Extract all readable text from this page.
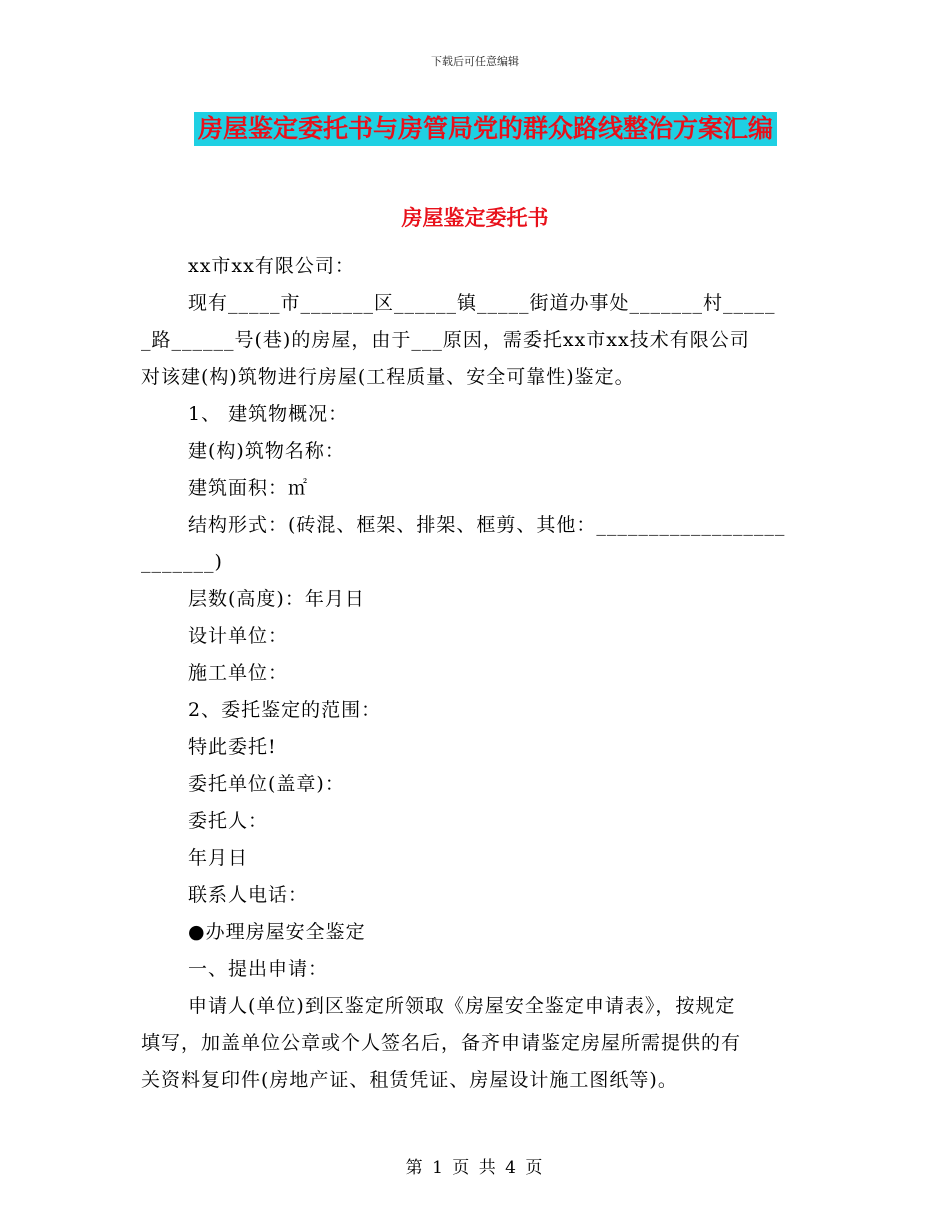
下载后可任意编辑
房屋鉴定委托书与房管局党的群众路线整治方案汇编
房屋鉴定委托书

xx市xx有限公司：

现有_____市_______区______镇_____街道办事处_______村_____

_路______号(巷)的房屋，由于___原因，需委托xx市xx技术有限公司

对该建(构)筑物进行房屋(工程质量、安全可靠性)鉴定。

1、 建筑物概况：

建(构)筑物名称：

建筑面积：㎡

结构形式：(砖混、框架、排架、框剪、其他：__________________

_______)

层数(高度)：年月日

设计单位：

施工单位：

2、委托鉴定的范围：

特此委托!

委托单位(盖章)：

委托人：

年月日

联系人电话：

●办理房屋安全鉴定

一、提出申请：

申请人(单位)到区鉴定所领取《房屋安全鉴定申请表》，按规定

填写，加盖单位公章或个人签名后，备齐申请鉴定房屋所需提供的有

关资料复印件(房地产证、租赁凭证、房屋设计施工图纸等)。

第 1 页 共 4 页
